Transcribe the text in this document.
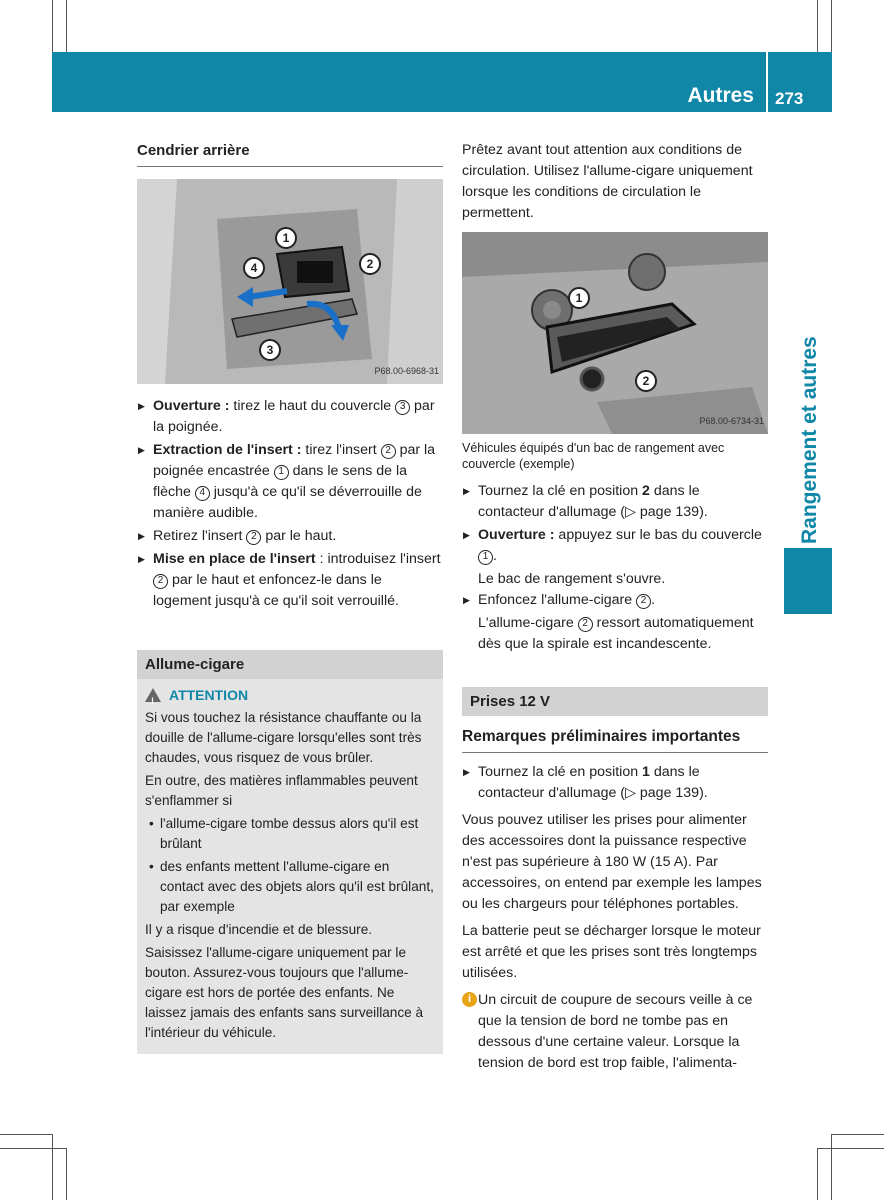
Autres 273
Rangement et autres
Cendrier arrière
1
2
3
4
P68.00-6968-31
▶ Ouverture : tirez le haut du couvercle 3 par la poignée.
▶ Extraction de l'insert : tirez l'insert 2 par la poignée encastrée 1 dans le sens de la flèche 4 jusqu'à ce qu'il se déverrouille de manière audible.
▶ Retirez l'insert 2 par le haut.
▶ Mise en place de l'insert : introduisez l'insert 2 par le haut et enfoncez-le dans le logement jusqu'à ce qu'il soit verrouillé.
Allume-cigare
!ATTENTION

Si vous touchez la résistance chauffante ou la douille de l'allume-cigare lorsqu'elles sont très chaudes, vous risquez de vous brûler.

En outre, des matières inflammables peuvent s'enflammer si

• l'allume-cigare tombe dessus alors qu'il est brûlant
• des enfants mettent l'allume-cigare en contact avec des objets alors qu'il est brûlant, par exemple

Il y a risque d'incendie et de blessure.

Saisissez l'allume-cigare uniquement par le bouton. Assurez-vous toujours que l'allume-cigare est hors de portée des enfants. Ne laissez jamais des enfants sans surveillance à l'intérieur du véhicule.

Prêtez avant tout attention aux conditions de circulation. Utilisez l'allume-cigare uniquement lorsque les conditions de circulation le permettent.
1
2
P68.00-6734-31
Véhicules équipés d'un bac de rangement avec couvercle (exemple)
▶ Tournez la clé en position 2 dans le contacteur d'allumage (▷ page 139).
▶ Ouverture : appuyez sur le bas du couvercle 1 .
Le bac de rangement s'ouvre.
▶ Enfoncez l'allume-cigare 2 .
L'allume-cigare 2 ressort automatiquement dès que la spirale est incandescente.
Prises 12 V
Remarques préliminaires importantes
▶ Tournez la clé en position 1 dans le contacteur d'allumage (▷ page 139).
Vous pouvez utiliser les prises pour alimenter des accessoires dont la puissance respective n'est pas supérieure à 180 W (15 A). Par accessoires, on entend par exemple les lampes ou les chargeurs pour téléphones portables.
La batterie peut se décharger lorsque le moteur est arrêté et que les prises sont très longtemps utilisées.
i Un circuit de coupure de secours veille à ce que la tension de bord ne tombe pas en dessous d'une certaine valeur. Lorsque la tension de bord est trop faible, l'alimenta-
